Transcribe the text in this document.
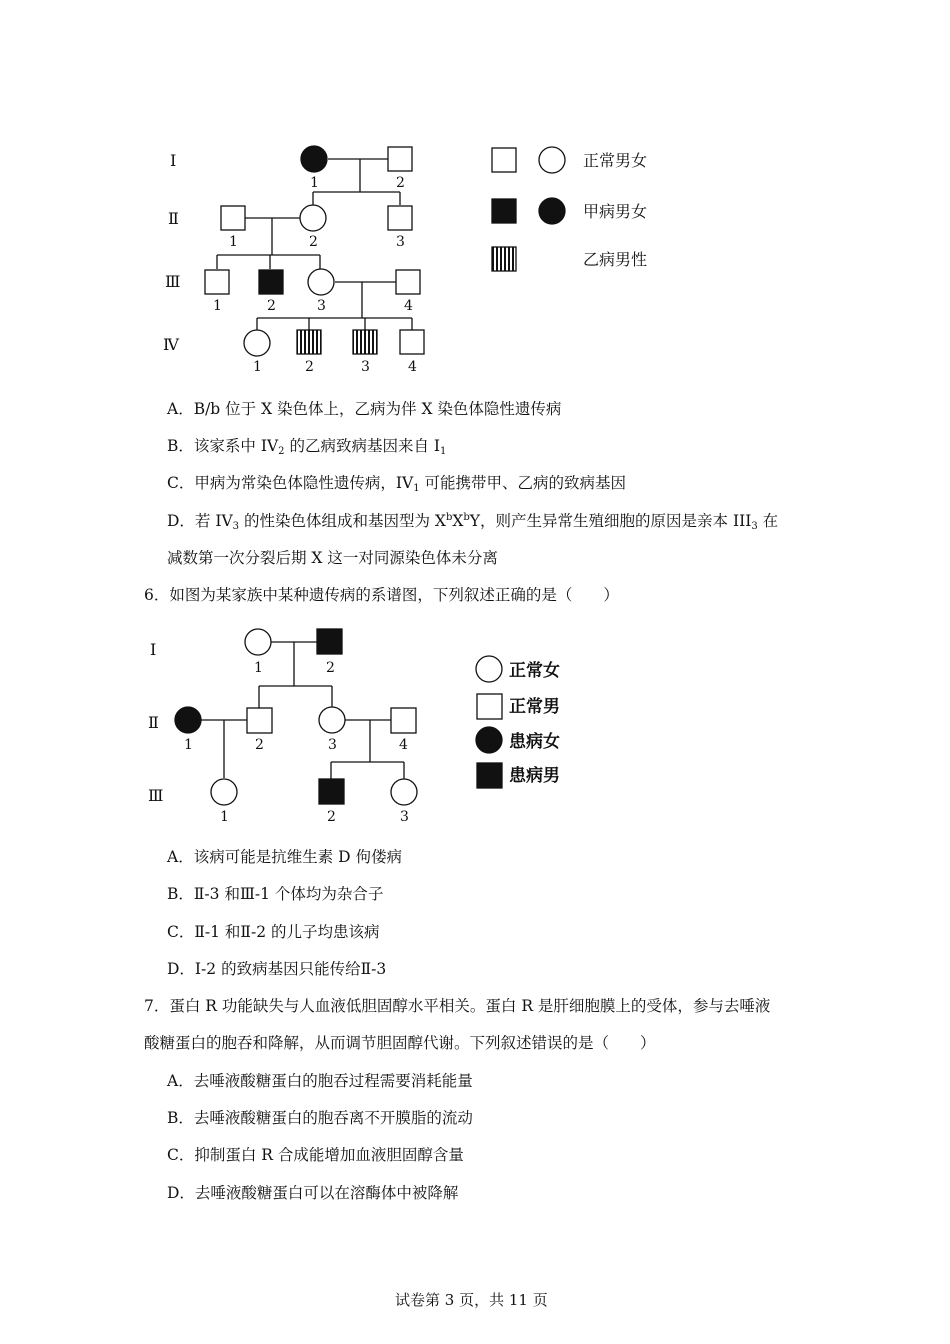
Ⅰ
Ⅱ
Ⅲ
Ⅳ
1	2
1	2	3
1	2	3	4
1	2	3	4
正常男女
甲病男女
乙病男性
A．B/b 位于 X 染色体上，乙病为伴 X 染色体隐性遗传病
B．该家系中 $IV_2$ 的乙病致病基因来自 $I_1$
C．甲病为常染色体隐性遗传病，$IV_1$ 可能携带甲、乙病的致病基因
D．若 $IV_3$ 的性染色体组成和基因型为 $X^bX^bY$，则产生异常生殖细胞的原因是亲本 $III_3$ 在
减数第一次分裂后期 X 这一对同源染色体未分离
6．如图为某家族中某种遗传病的系谱图，下列叙述正确的是（　　）
Ⅰ
Ⅱ
Ⅲ
1	2
1	2	3	4
1	2	3
正常女
正常男
患病女
患病男
A．该病可能是抗维生素 D 佝偻病
B．Ⅱ-3 和Ⅲ-1 个体均为杂合子
C．Ⅱ-1 和Ⅱ-2 的儿子均患该病
D．Ⅰ-2 的致病基因只能传给Ⅱ-3
7．蛋白 R 功能缺失与人血液低胆固醇水平相关。蛋白 R 是肝细胞膜上的受体，参与去唾液
酸糖蛋白的胞吞和降解，从而调节胆固醇代谢。下列叙述错误的是（　　）
A．去唾液酸糖蛋白的胞吞过程需要消耗能量
B．去唾液酸糖蛋白的胞吞离不开膜脂的流动
C．抑制蛋白 R 合成能增加血液胆固醇含量
D．去唾液酸糖蛋白可以在溶酶体中被降解
试卷第 3 页，共 11 页
